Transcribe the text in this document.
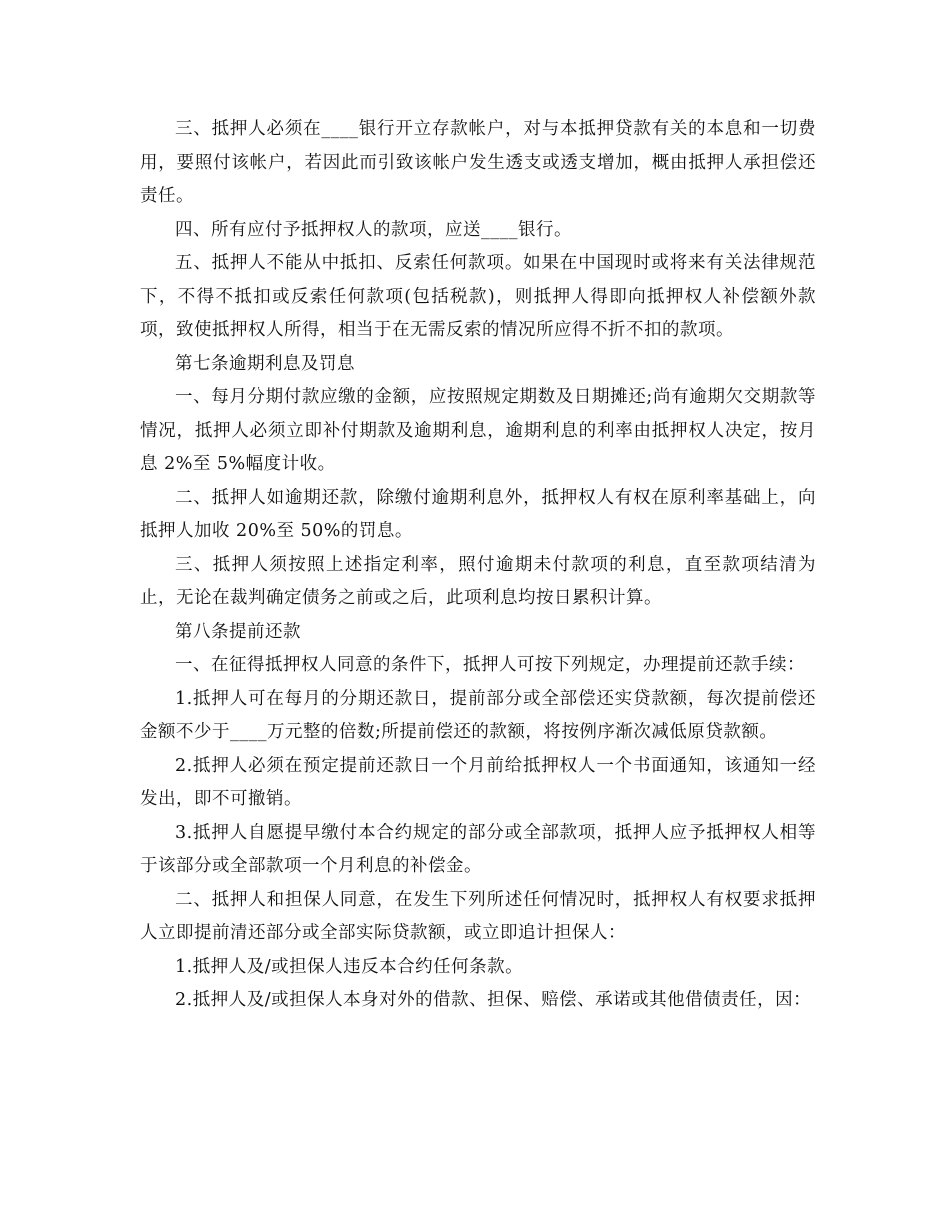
三、抵押人必须在____银行开立存款帐户，对与本抵押贷款有关的本息和一切费用，要照付该帐户，若因此而引致该帐户发生透支或透支增加，概由抵押人承担偿还责任。

四、所有应付予抵押权人的款项，应送____银行。

五、抵押人不能从中抵扣、反索任何款项。如果在中国现时或将来有关法律规范下，不得不抵扣或反索任何款项(包括税款)，则抵押人得即向抵押权人补偿额外款项，致使抵押权人所得，相当于在无需反索的情况所应得不折不扣的款项。

第七条逾期利息及罚息

一、每月分期付款应缴的金额，应按照规定期数及日期摊还;尚有逾期欠交期款等情况，抵押人必须立即补付期款及逾期利息，逾期利息的利率由抵押权人决定，按月息 2%至 5%幅度计收。

二、抵押人如逾期还款，除缴付逾期利息外，抵押权人有权在原利率基础上，向抵押人加收 20%至 50%的罚息。

三、抵押人须按照上述指定利率，照付逾期未付款项的利息，直至款项结清为止，无论在裁判确定债务之前或之后，此项利息均按日累积计算。

第八条提前还款

一、在征得抵押权人同意的条件下，抵押人可按下列规定，办理提前还款手续：

1.抵押人可在每月的分期还款日，提前部分或全部偿还实贷款额，每次提前偿还金额不少于____万元整的倍数;所提前偿还的款额，将按例序渐次减低原贷款额。

2.抵押人必须在预定提前还款日一个月前给抵押权人一个书面通知，该通知一经发出，即不可撤销。

3.抵押人自愿提早缴付本合约规定的部分或全部款项，抵押人应予抵押权人相等于该部分或全部款项一个月利息的补偿金。

二、抵押人和担保人同意，在发生下列所述任何情况时，抵押权人有权要求抵押人立即提前清还部分或全部实际贷款额，或立即追计担保人：

1.抵押人及/或担保人违反本合约任何条款。

2.抵押人及/或担保人本身对外的借款、担保、赔偿、承诺或其他借债责任，因：
